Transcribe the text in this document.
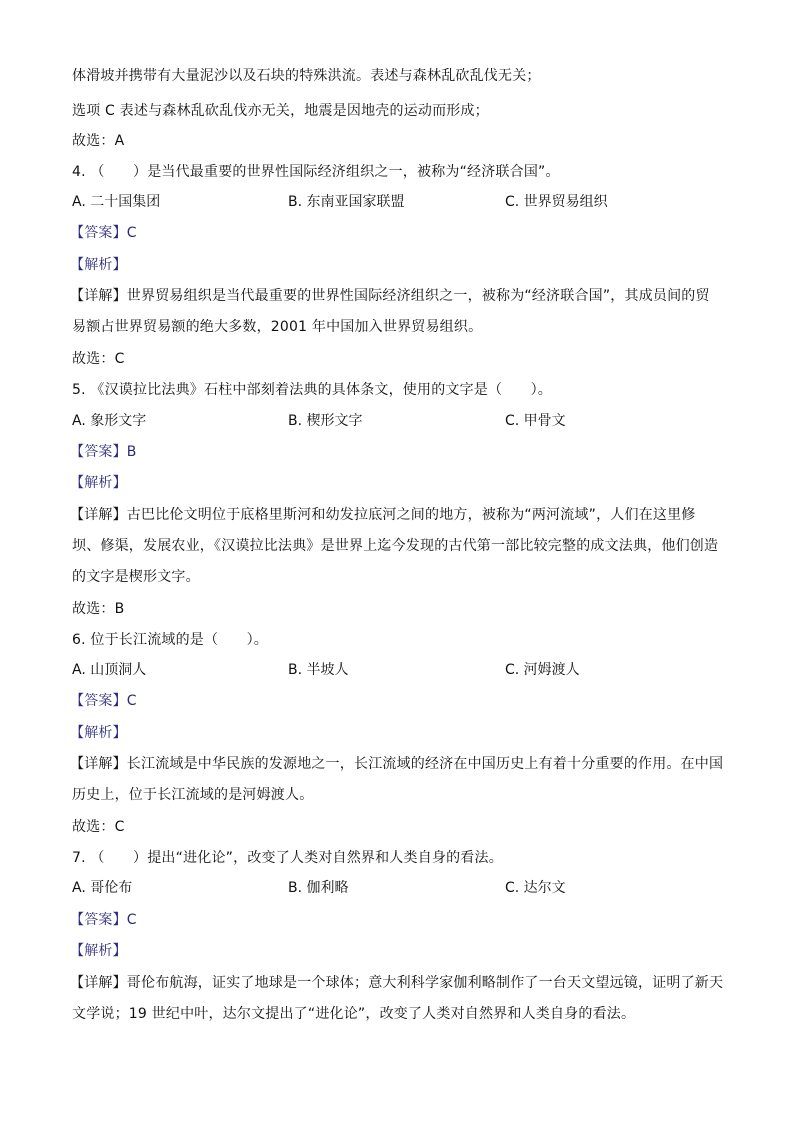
体滑坡并携带有大量泥沙以及石块的特殊洪流。表述与森林乱砍乱伐无关；
选项 C 表述与森林乱砍乱伐亦无关，地震是因地壳的运动而形成；
故选：A
4. （　　）是当代最重要的世界性国际经济组织之一，被称为“经济联合国”。
A. 二十国集团	B. 东南亚国家联盟	C. 世界贸易组织
【答案】C
【解析】
【详解】世界贸易组织是当代最重要的世界性国际经济组织之一，被称为“经济联合国”，其成员间的贸
易额占世界贸易额的绝大多数，2001 年中国加入世界贸易组织。
故选：C
5. 《汉谟拉比法典》石柱中部刻着法典的具体条文，使用的文字是（　　）。
A. 象形文字	B. 楔形文字	C. 甲骨文
【答案】B
【解析】
【详解】古巴比伦文明位于底格里斯河和幼发拉底河之间的地方，被称为“两河流域”，人们在这里修
坝、修渠，发展农业，《汉谟拉比法典》是世界上迄今发现的古代第一部比较完整的成文法典，他们创造
的文字是楔形文字。
故选：B
6. 位于长江流域的是（　　）。
A. 山顶洞人	B. 半坡人	C. 河姆渡人
【答案】C
【解析】
【详解】长江流域是中华民族的发源地之一，长江流域的经济在中国历史上有着十分重要的作用。在中国
历史上，位于长江流域的是河姆渡人。
故选：C
7. （　　）提出“进化论”，改变了人类对自然界和人类自身的看法。
A. 哥伦布	B. 伽利略	C. 达尔文
【答案】C
【解析】
【详解】哥伦布航海，证实了地球是一个球体；意大利科学家伽利略制作了一台天文望远镜，证明了新天
文学说；19 世纪中叶，达尔文提出了“进化论”，改变了人类对自然界和人类自身的看法。
